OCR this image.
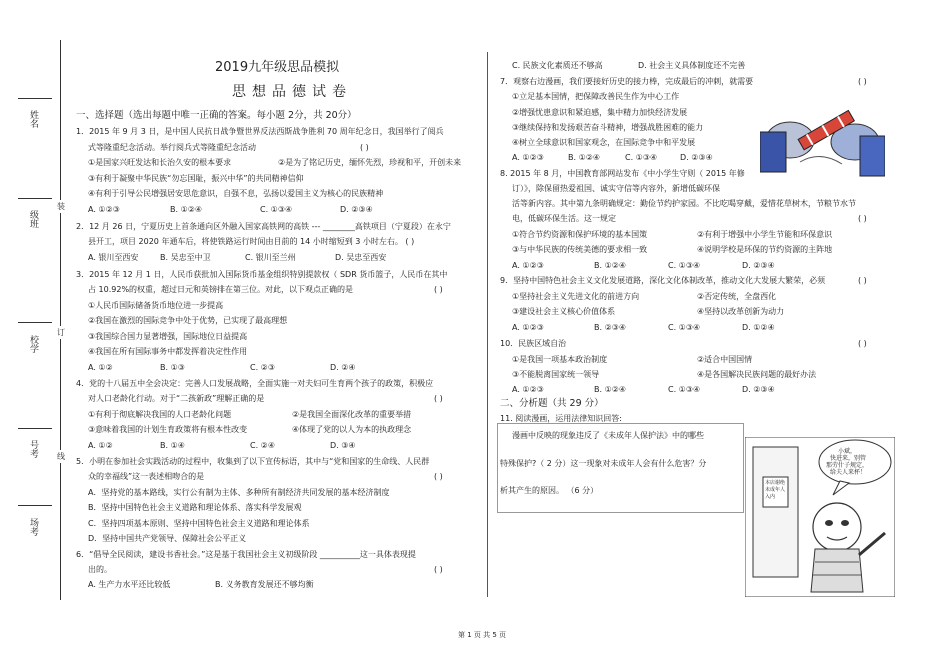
姓名
级班
校学
号考
场考
装
订
线
2019九年级思品模拟
思想品德试卷
一、选择题（选出每题中唯一正确的答案。每小题 2分，共 20分）
1．2015 年 9 月 3 日，是中国人民抗日战争暨世界反法西斯战争胜利 70 周年纪念日，我国举行了阅兵
式等隆重纪念活动。举行阅兵式等隆重纪念活动	( )
①是国家兴旺发达和长治久安的根本要求	②是为了铭记历史，缅怀先烈，珍视和平，开创未来
③有利于凝聚中华民族“勿忘国耻，振兴中华”的共同精神信仰
④有利于引导公民增强居安思危意识，自强不息，弘扬以爱国主义为核心的民族精神
A. ①②③	B. ①②④	C. ①③④	D. ②③④
2．12 月 26 日，宁夏历史上首条通向区外融入国家高铁网的高铁 --- ________高铁项目（宁夏段）在永宁
县开工，项目 2020 年通车后，将使铁路运行时间由目前的 14 小时缩短到 3 小时左右。 ( )
A. 银川至西安	B. 吴忠至中卫	C. 银川至兰州	D. 吴忠至西安
3．2015 年 12 月 1 日，人民币获批加入国际货币基金组织特别提款权（ SDR 货币篮子，人民币在其中
占 10.92%的权重，超过日元和英镑排在第三位。对此，以下观点正确的是	( )
①人民币国际储备货币地位进一步提高
②我国在激烈的国际竞争中处于优势，已实现了最高理想
③我国综合国力显著增强，国际地位日益提高
④我国在所有国际事务中都发挥着决定性作用
A. ①②	B. ①③	C. ②③	D. ②④
4．党的十八届五中全会决定：完善人口发展战略，全面实施一对夫妇可生育两个孩子的政策，积极应
对人口老龄化行动。对于“二孩新政”理解正确的是	( )
①有利于彻底解决我国的人口老龄化问题	②是我国全面深化改革的重要举措
③意味着我国的计划生育政策将有根本性改变	④体现了党的以人为本的执政理念
A. ①②	B. ①④	C. ②④	D. ③④
5．小明在参加社会实践活动的过程中，收集到了以下宣传标语，其中与“党和国家的生命线、人民群
众的幸福线”这一表述相吻合的是	( )
A．坚持党的基本路线，实行公有制为主体、多种所有制经济共同发展的基本经济制度
B．坚持中国特色社会主义道路和理论体系、落实科学发展观
C．坚持四项基本原则、坚持中国特色社会主义道路和理论体系
D．坚持中国共产党领导、保障社会公平正义
6．“倡导全民阅读，建设书香社会。”这是基于我国社会主义初级阶段 __________这一具体表现提
出的。	( )
A. 生产力水平还比较低	B. 义务教育发展还不够均衡
C. 民族文化素质还不够高	D. 社会主义具体制度还不完善
7．观察右边漫画，我们要接好历史的接力棒，完成最后的冲刺，就需要	( )
①立足基本国情，把保障改善民生作为中心工作
②增强忧患意识和紧迫感，集中精力加快经济发展
③继续保持和发扬艰苦奋斗精神，增强战胜困难的能力
④树立全球意识和国家观念，在国际竞争中和平发展
A. ①②③	B. ①②④	C. ①③④	D. ②③④
8. 2015 年 8 月，中国教育部网站发布《中小学生守则（ 2015 年修
订）》，除保留热爱祖国、诚实守信等内容外，新增低碳环保
活等新内容。其中第九条明确规定：勤俭节约护家园。不比吃喝穿戴，爱惜花草树木，节粮节水节
电，低碳环保生活。这一规定	( )
①符合节约资源和保护环境的基本国策	②有利于增强中小学生节能和环保意识
③与中华民族的传统美德的要求相一致	④说明学校是环保的节约资源的主阵地
A. ①②③	B. ①②④	C. ①③④	D. ②③④
9．坚持中国特色社会主义文化发展道路，深化文化体制改革，推动文化大发展大繁荣，必须	( )
①坚持社会主义先进文化的前进方向	②否定传统，全盘西化
③建设社会主义核心价值体系	④坚持以改革创新为动力
A. ①②③	B. ②③④	C. ①③④	D. ①②④
10．民族区域自治	( )
①是我国一项基本政治制度	②适合中国国情
③不能脱离国家统一领导	④是各国解决民族问题的最好办法
A. ①②③	B. ①②④	C. ①③④	D. ②③④
二、分析题（共 29 分）
11. 阅读漫画，运用法律知识回答:
漫画中反映的现象违反了《未成年人保护法》中的哪些
特殊保护?（ 2 分）这一现象对未成年人会有什么危害？分
析其产生的原因。 （6 分）
小斌，
快进来，别管
那劳什子规定，
给夫人来杯！
本店谢绝
未成年人
入内
第 1 页 共 5 页
